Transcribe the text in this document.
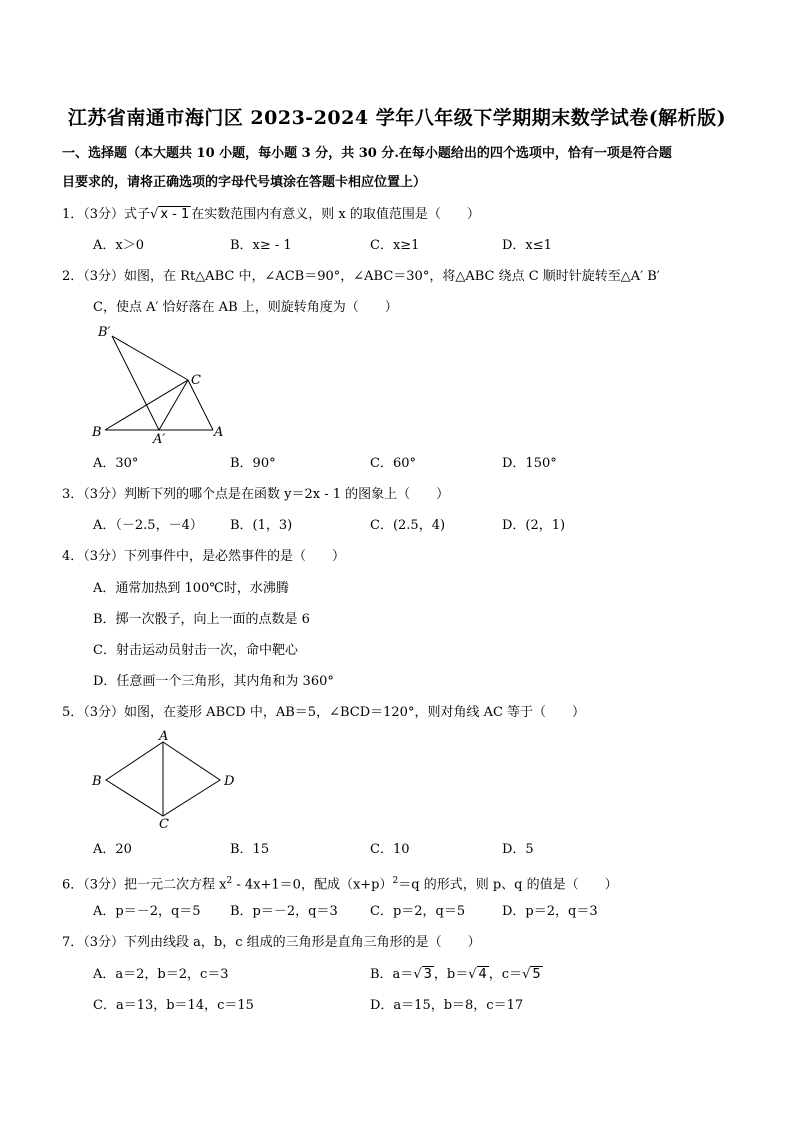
江苏省南通市海门区 2023-2024 学年八年级下学期期末数学试卷(解析版)
一、选择题（本大题共 10 小题，每小题 3 分，共 30 分.在每小题给出的四个选项中，恰有一项是符合题
目要求的，请将正确选项的字母代号填涂在答题卡相应位置上）
1．（3分）式子√ x - 1 在实数范围内有意义，则 x 的取值范围是（　　）
A．x＞0	B．x≥ - 1	C．x≥1	D．x≤1
2．（3分）如图，在 Rt△ABC 中，∠ACB＝90°，∠ABC＝30°，将△ABC 绕点 C 顺时针旋转至△A′ B′
C，使点 A′ 恰好落在 AB 上，则旋转角度为（　　）
B′
C
B	A′	A
A．30°	B．90°	C．60°	D．150°
3．（3分）判断下列的哪个点是在函数 y＝2x - 1 的图象上（　　）
A．（－2.5，－4） B．(1，3)	C．(2.5，4)	D．(2，1)
4．（3分）下列事件中，是必然事件的是（　　）
A．通常加热到 100℃时，水沸腾
B．掷一次骰子，向上一面的点数是 6
C．射击运动员射击一次，命中靶心
D．任意画一个三角形，其内角和为 360°
5．（3分）如图，在菱形 ABCD 中，AB＝5，∠BCD＝120°，则对角线 AC 等于（　　）
A
B
C
D
A．20	B．15	C．10	D．5
6．（3分）把一元二次方程 $x^2 - 4x+1=0$，配成$(x+p)^2=q$ 的形式，则 p、q 的值是（　　）
A．p＝－2，q＝5 B．p＝－2，q＝3 C．p＝2，q＝5	D．p＝2，q＝3
7．（3分）下列由线段 a，b，c 组成的三角形是直角三角形的是（　　）
A．a＝2，b＝2，c＝3	B．a＝√ 3 ，b＝√ 4 ，c＝√ 5
C．a＝13，b＝14，c＝15	D．a＝15，b＝8，c＝17
